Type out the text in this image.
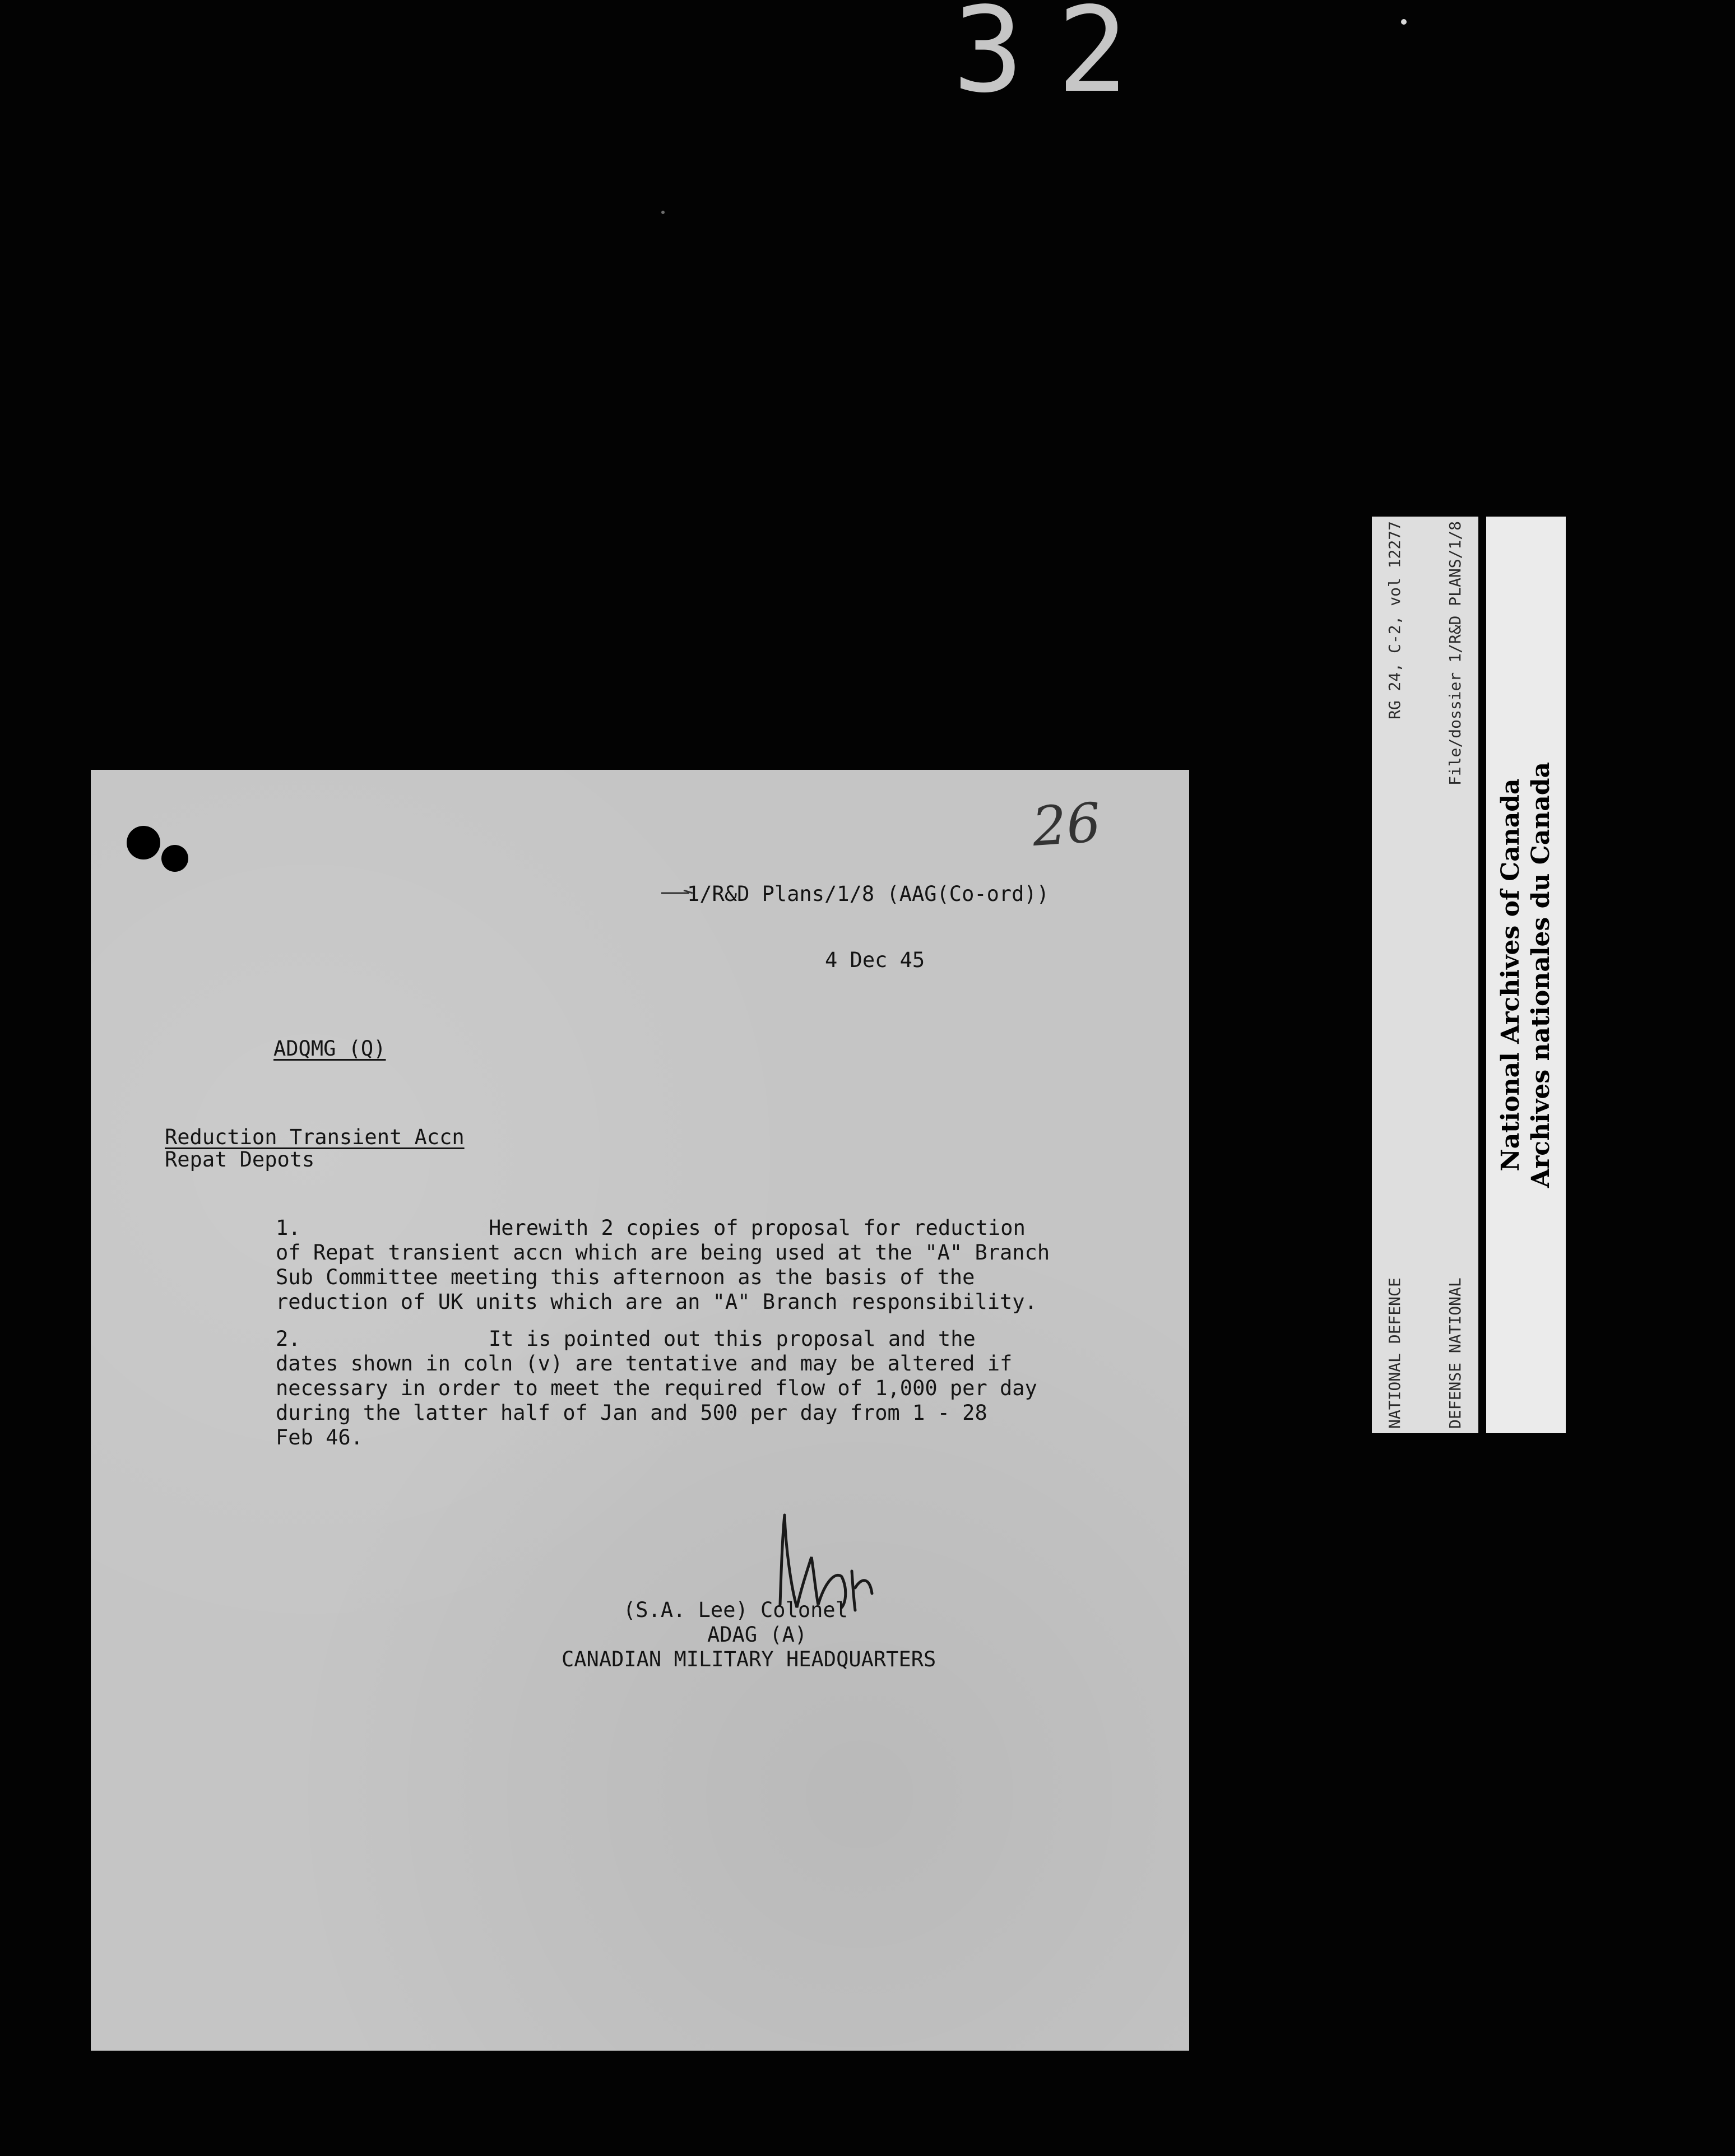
32
26
1/R&D Plans/1/8 (AAG(Co-ord))
4 Dec 45
ADQMG (Q)
Reduction Transient Accn
Repat Depots
1.	Herewith 2 copies of proposal for reduction
of Repat transient accn which are being used at the "A" Branch
Sub Committee meeting this afternoon as the basis of the
reduction of UK units which are an "A" Branch responsibility.
2.	It is pointed out this proposal and the
dates shown in coln (v) are tentative and may be altered if
necessary in order to meet the required flow of 1,000 per day
during the latter half of Jan and 500 per day from 1 - 28
Feb 46.
(S.A. Lee) Colonel
ADAG (A)
CANADIAN MILITARY HEADQUARTERS

NATIONAL DEFENCE
RG 24, C-2, vol 12277

DEFENSE NATIONAL
File/dossier 1/R&D PLANS/1/8

National Archives of Canada Archives nationales du Canada
